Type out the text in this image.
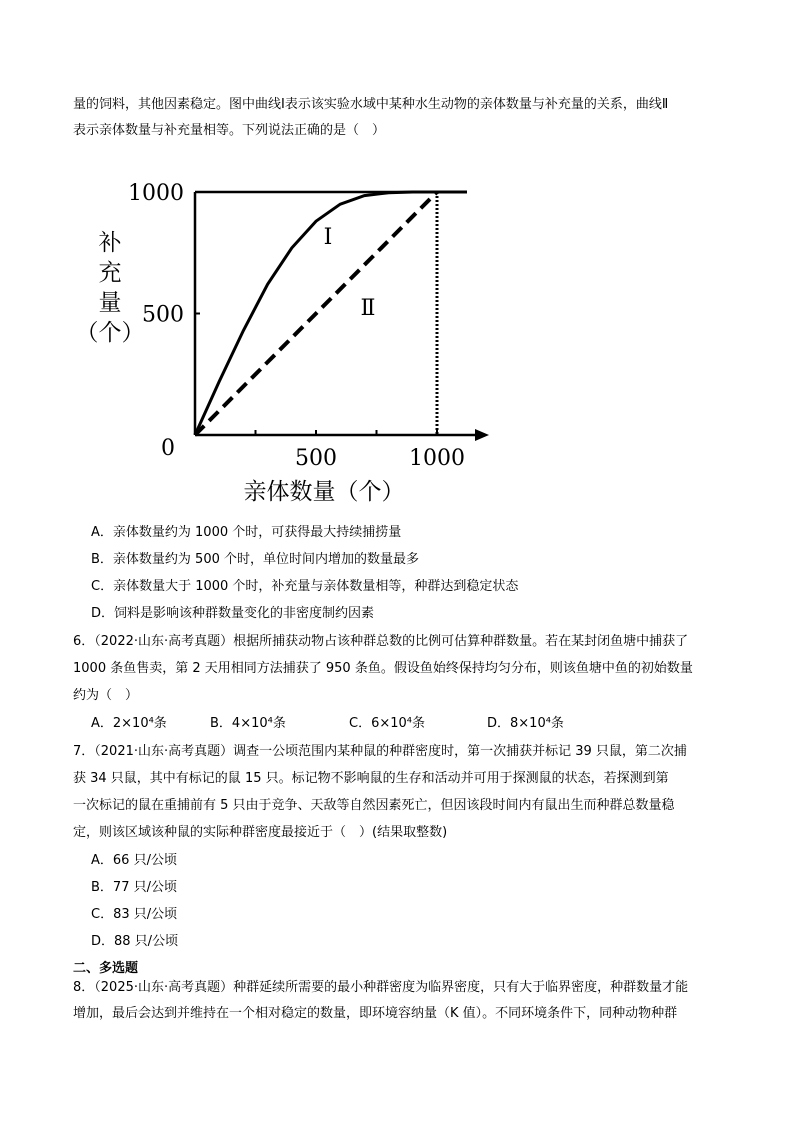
量的饲料，其他因素稳定。图中曲线Ⅰ表示该实验水域中某种水生动物的亲体数量与补充量的关系，曲线Ⅱ
表示亲体数量与补充量相等。下列说法正确的是（　）
500	1000
0
500
1000
亲体数量（个）
补
充
量
（个）
Ⅰ
Ⅱ
A．亲体数量约为 1000 个时，可获得最大持续捕捞量
B．亲体数量约为 500 个时，单位时间内增加的数量最多
C．亲体数量大于 1000 个时，补充量与亲体数量相等，种群达到稳定状态
D．饲料是影响该种群数量变化的非密度制约因素
6．（2022·山东·高考真题）根据所捕获动物占该种群总数的比例可估算种群数量。若在某封闭鱼塘中捕获了
1000 条鱼售卖，第 2 天用相同方法捕获了 950 条鱼。假设鱼始终保持均匀分布，则该鱼塘中鱼的初始数量
约为（　）
A．2×10⁴条	B．4×10⁴条	C．6×10⁴条	D．8×10⁴条
7．（2021·山东·高考真题）调查一公顷范围内某种鼠的种群密度时，第一次捕获并标记 39 只鼠，第二次捕
获 34 只鼠，其中有标记的鼠 15 只。标记物不影响鼠的生存和活动并可用于探测鼠的状态，若探测到第
一次标记的鼠在重捕前有 5 只由于竞争、天敌等自然因素死亡，但因该段时间内有鼠出生而种群总数量稳
定，则该区域该种鼠的实际种群密度最接近于（　）(结果取整数)
A．66 只/公顷
B．77 只/公顷
C．83 只/公顷
D．88 只/公顷
二、多选题
8．（2025·山东·高考真题）种群延续所需要的最小种群密度为临界密度，只有大于临界密度，种群数量才能
增加，最后会达到并维持在一个相对稳定的数量，即环境容纳量（K 值）。不同环境条件下，同种动物种群
